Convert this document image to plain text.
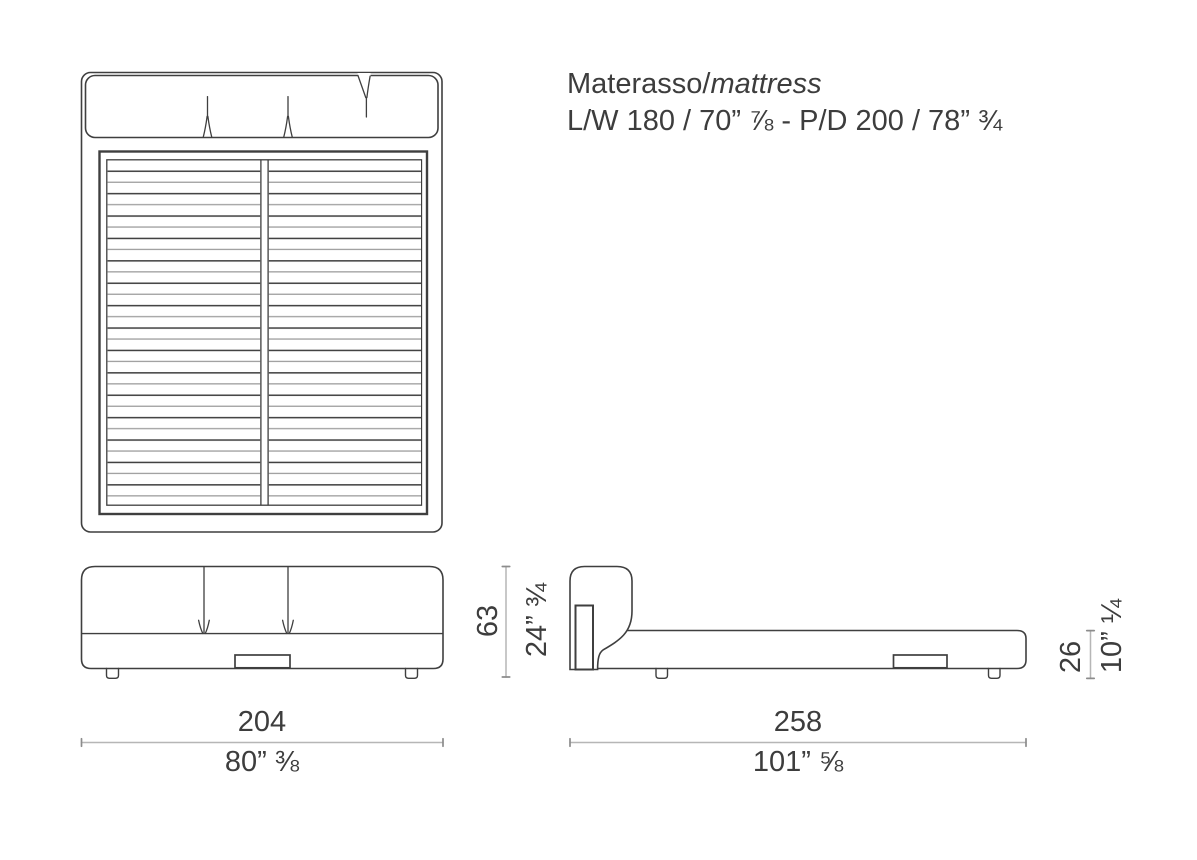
Materasso/mattress
L/W 180 / 70” ⅞ - P/D 200 / 78” ¾
204
80” ⅜
258
101” ⅝
63 24” ¾	26 10” ¼
